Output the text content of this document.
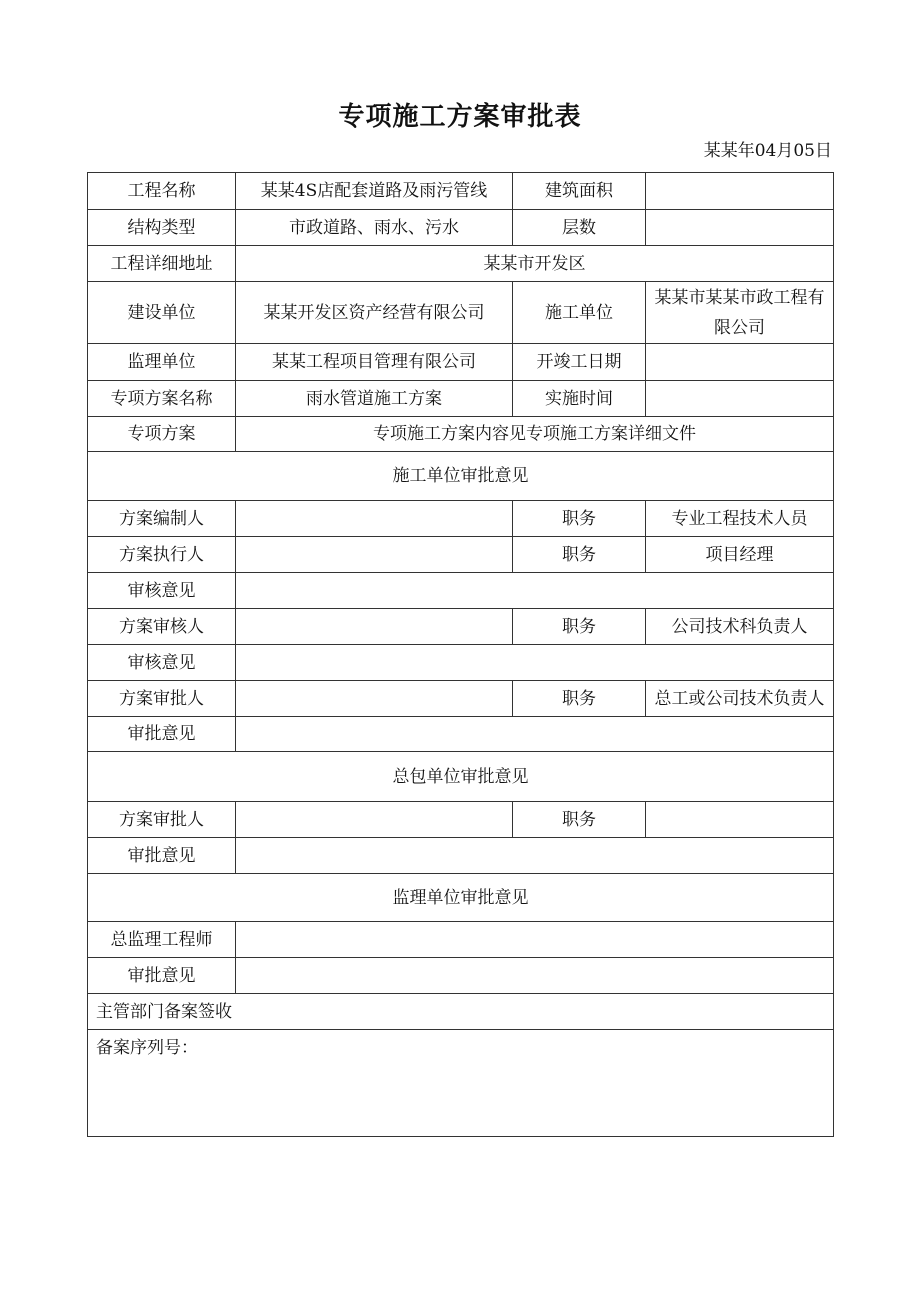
专项施工方案审批表
某某年04月05日
工程名称	某某4S店配套道路及雨污管线	建筑面积	
结构类型	市政道路、雨水、污水	层数	
工程详细地址	某某市开发区		
建设单位	某某开发区资产经营有限公司	施工单位	某某市某某市政工程有限公司
监理单位	某某工程项目管理有限公司	开竣工日期	
专项方案名称	雨水管道施工方案	实施时间	
专项方案	专项施工方案内容见专项施工方案详细文件		
施工单位审批意见			
方案编制人		职务	专业工程技术人员
方案执行人		职务	项目经理
审核意见			
方案审核人		职务	公司技术科负责人
审核意见			
方案审批人		职务	总工或公司技术负责人
审批意见			
总包单位审批意见			
方案审批人		职务	
审批意见			
监理单位审批意见			
总监理工程师			
审批意见			
主管部门备案签收			
备案序列号：			
